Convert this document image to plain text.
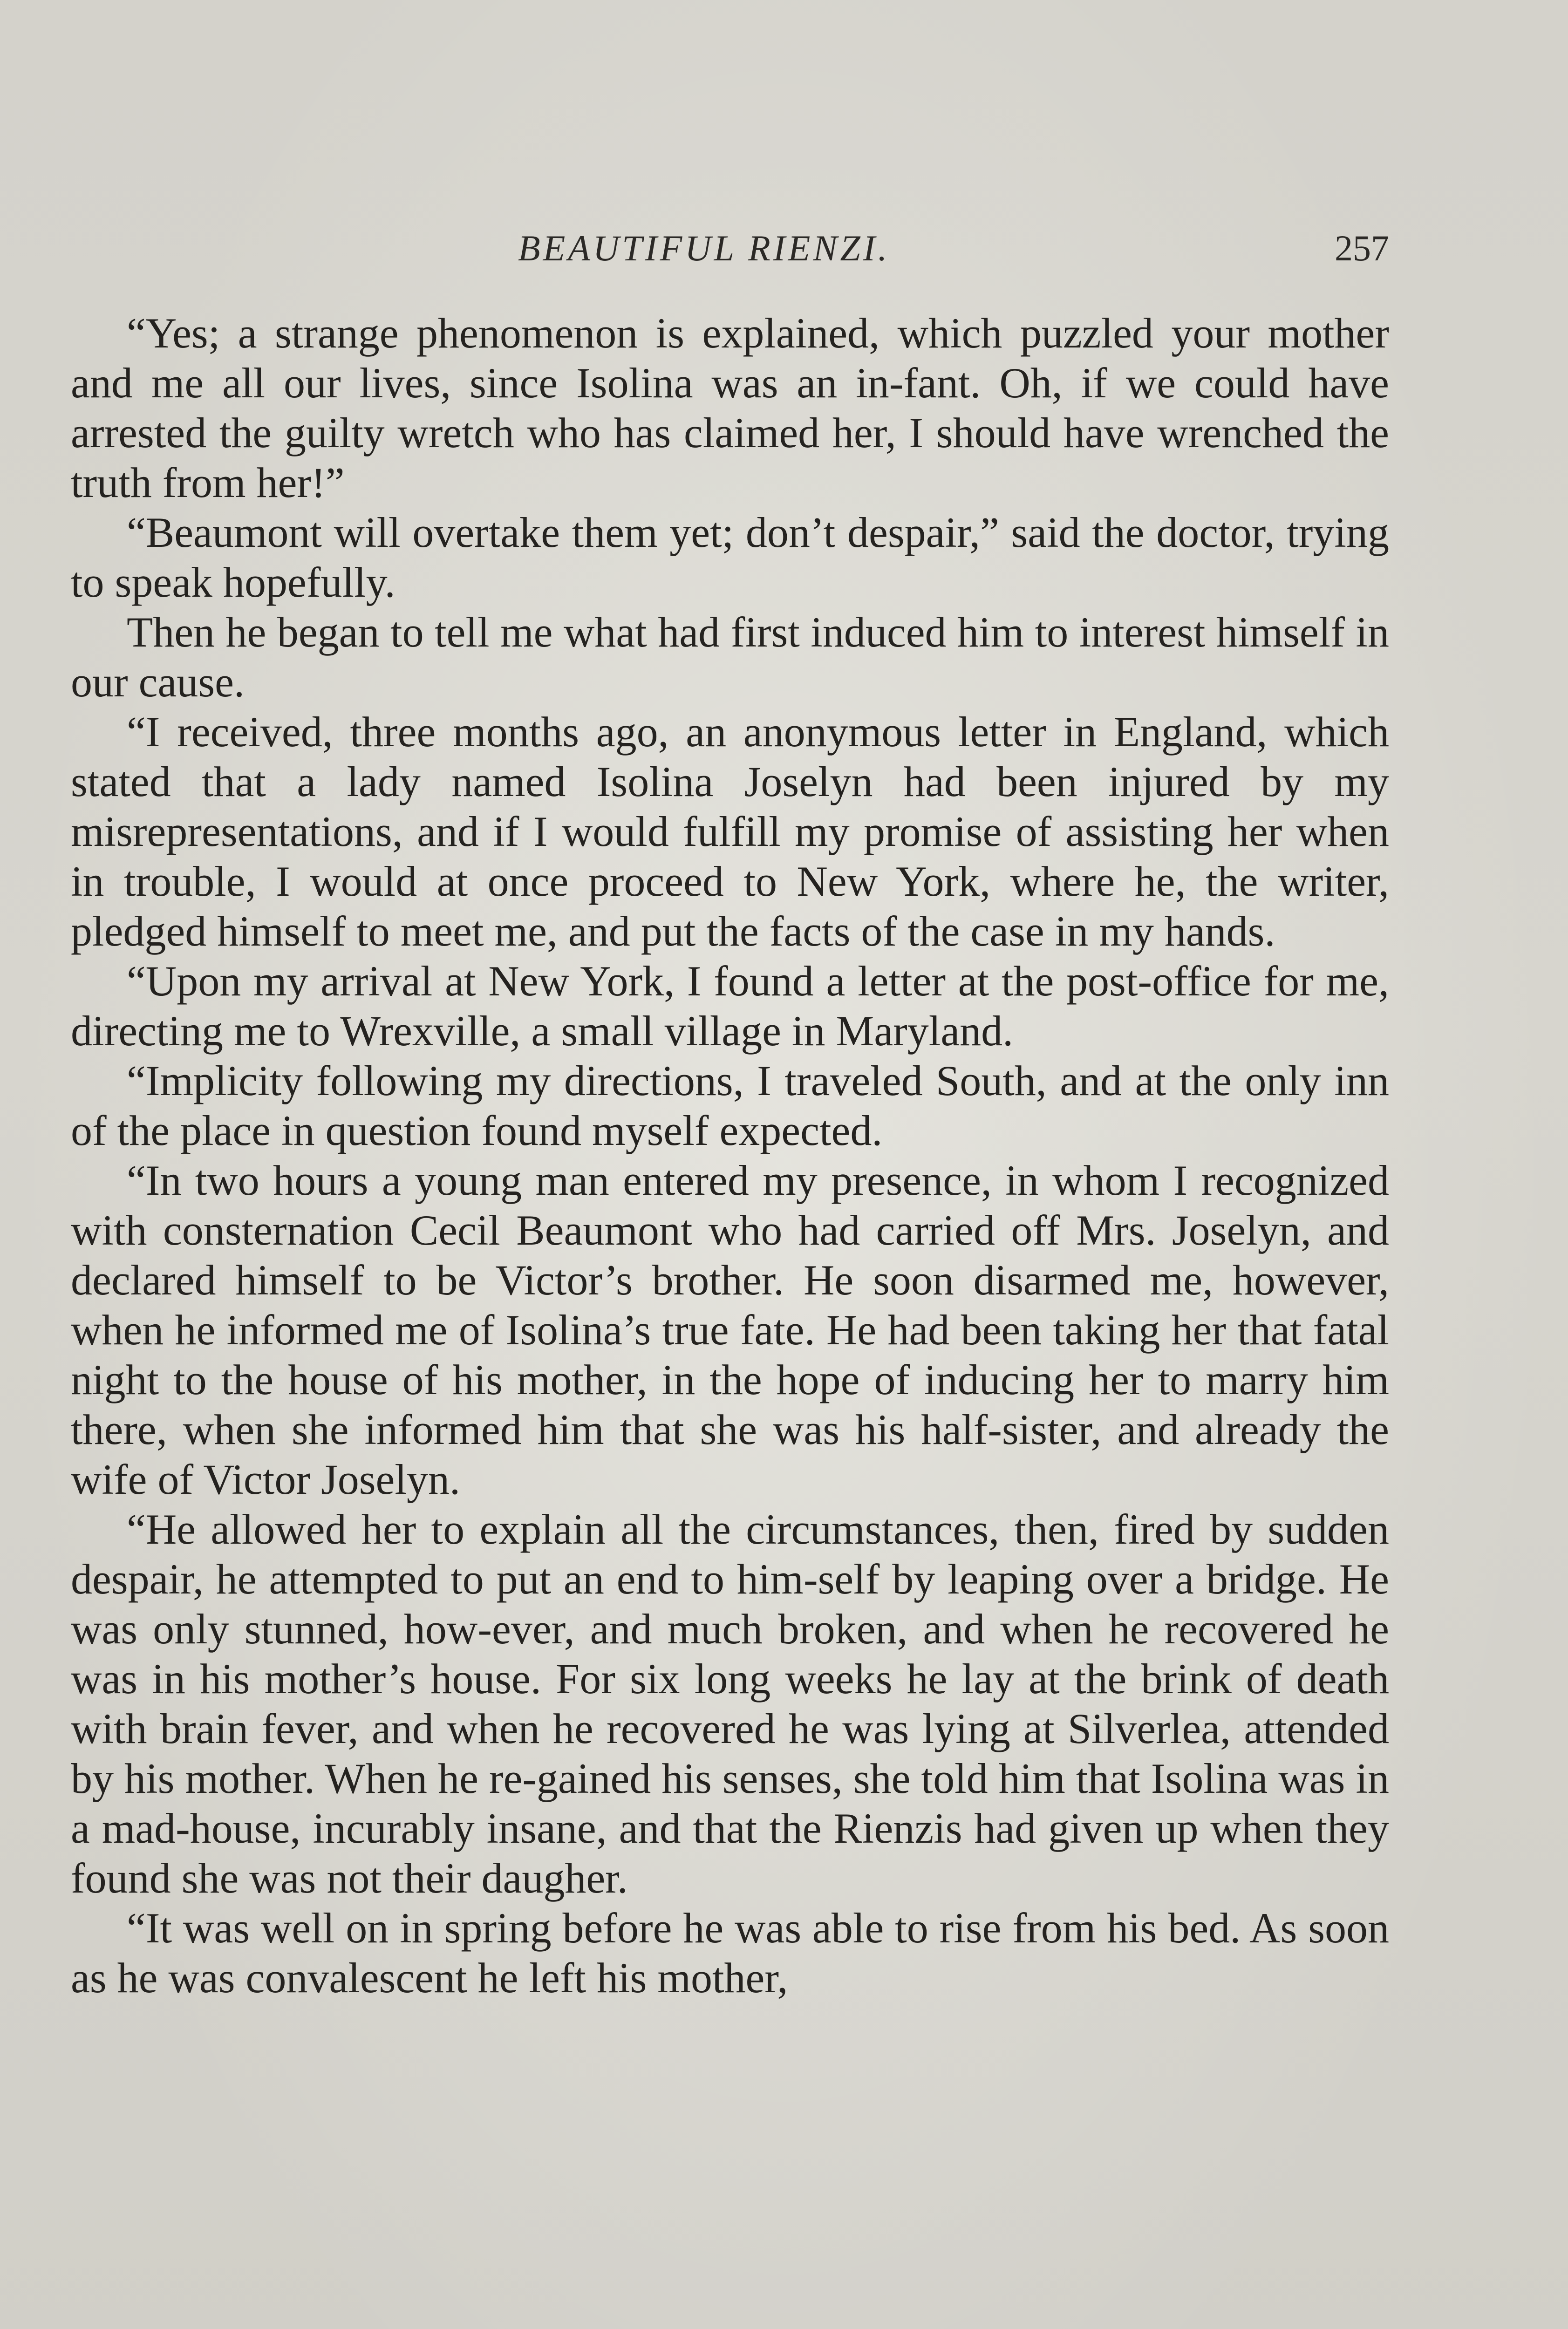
BEAUTIFUL RIENZI.	257

“Yes; a strange phenomenon is explained, which puzzled your mother and me all our lives, since Isolina was an in-fant. Oh, if we could have arrested the guilty wretch who has claimed her, I should have wrenched the truth from her!”

“Beaumont will overtake them yet; don’t despair,” said the doctor, trying to speak hopefully.

Then he began to tell me what had first induced him to interest himself in our cause.

“I received, three months ago, an anonymous letter in England, which stated that a lady named Isolina Joselyn had been injured by my misrepresentations, and if I would fulfill my promise of assisting her when in trouble, I would at once proceed to New York, where he, the writer, pledged himself to meet me, and put the facts of the case in my hands.

“Upon my arrival at New York, I found a letter at the post-office for me, directing me to Wrexville, a small village in Maryland.

“Implicity following my directions, I traveled South, and at the only inn of the place in question found myself expected.

“In two hours a young man entered my presence, in whom I recognized with consternation Cecil Beaumont who had carried off Mrs. Joselyn, and declared himself to be Victor’s brother. He soon disarmed me, however, when he informed me of Isolina’s true fate. He had been taking her that fatal night to the house of his mother, in the hope of inducing her to marry him there, when she informed him that she was his half-sister, and already the wife of Victor Joselyn.

“He allowed her to explain all the circumstances, then, fired by sudden despair, he attempted to put an end to him-self by leaping over a bridge. He was only stunned, how-ever, and much broken, and when he recovered he was in his mother’s house. For six long weeks he lay at the brink of death with brain fever, and when he recovered he was lying at Silverlea, attended by his mother. When he re-gained his senses, she told him that Isolina was in a mad-house, incurably insane, and that the Rienzis had given up when they found she was not their daugher.

“It was well on in spring before he was able to rise from his bed. As soon as he was convalescent he left his mother,
